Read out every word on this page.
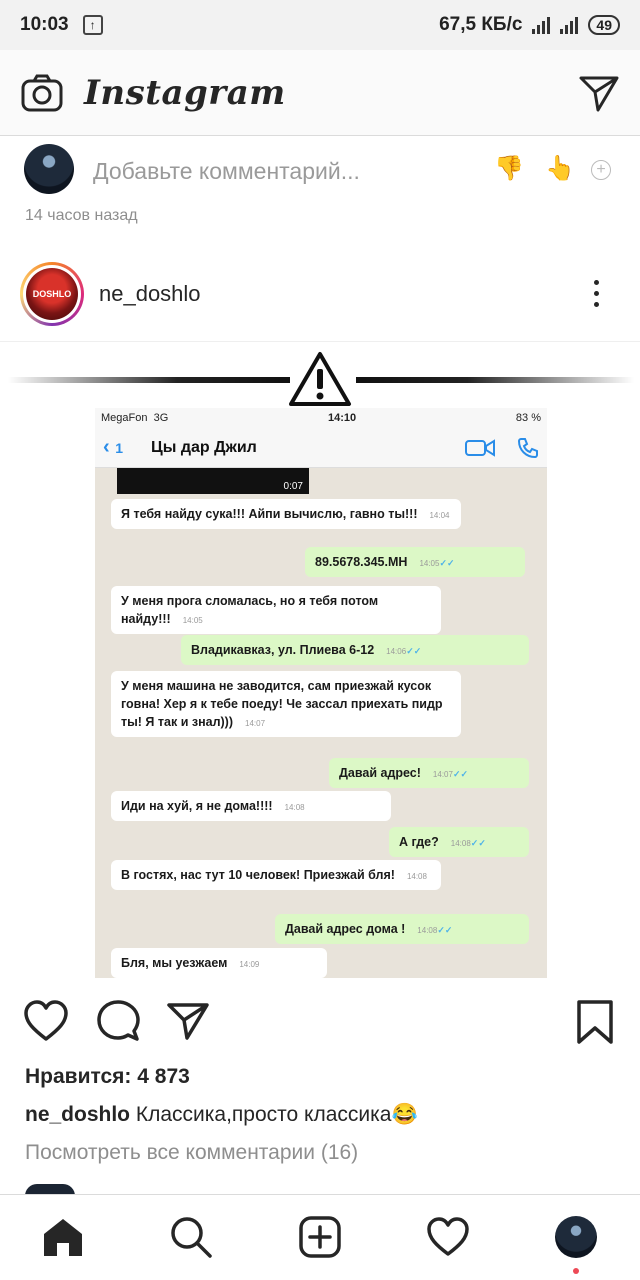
10:03	↑	67,5 КБ/с	49
Instagram
Добавьте комментарий...	👎 👆	+
14 часов назад
DOSHLO	ne_doshlo
MegaFon
3G	14:10	83 %
‹ 1 Цы дар Джил
0:07
Я тебя найду сука!!! Айпи вычислю, гавно ты!!! 14:04
89.5678.345.МН 14:05✓✓
У меня прога сломалась, но я тебя потом найду!!! 14:05
Владикавказ, ул. Плиева 6-12 14:06✓✓
У меня машина не заводится, сам приезжай кусок говна! Хер я к тебе поеду! Че зассал приехать пидр ты! Я так и знал))) 14:07
Давай адрес! 14:07✓✓
Иди на хуй, я не дома!!!! 14:08
А где? 14:08✓✓
В гостях, нас тут 10 человек! Приезжай бля! 14:08
Давай адрес дома ! 14:08✓✓
Бля, мы уезжаем 14:09
Нравится: 4 873
ne_doshlo Классика,просто классика😂
Посмотреть все комментарии (16)
